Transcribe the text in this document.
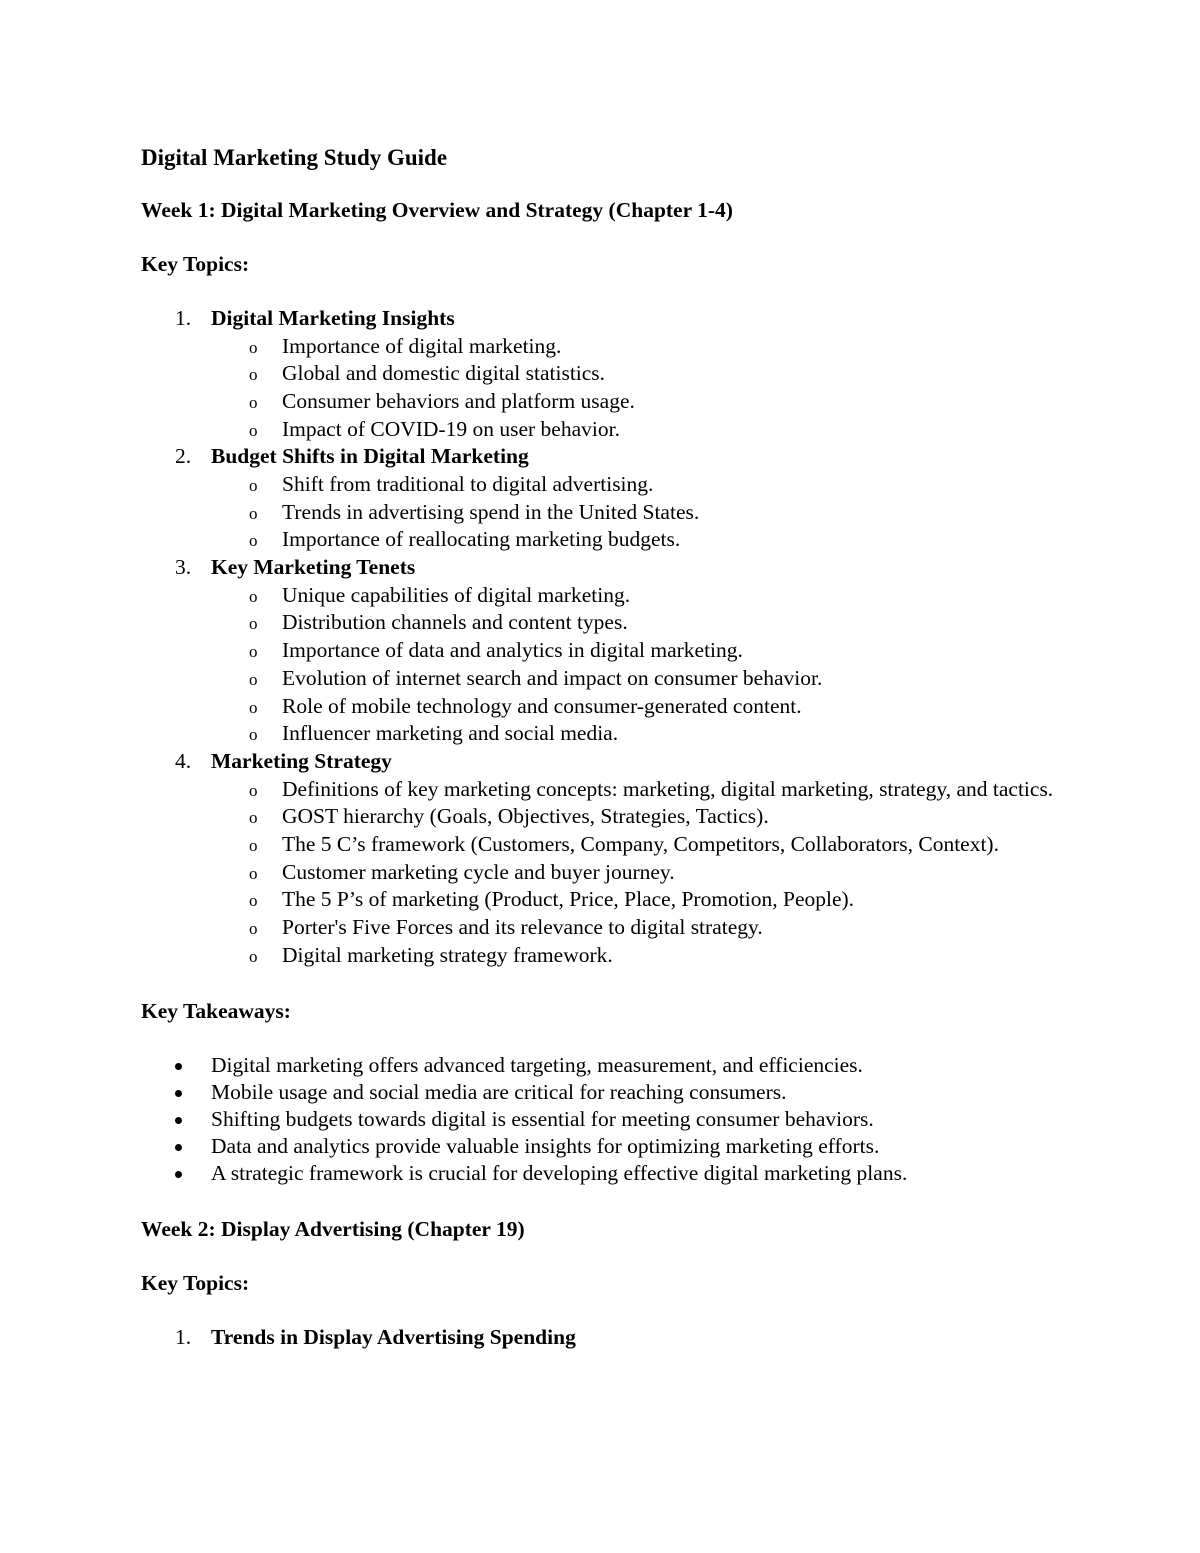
Digital Marketing Study Guide
Week 1: Digital Marketing Overview and Strategy (Chapter 1-4)
Key Topics:
1. Digital Marketing Insights
o Importance of digital marketing.
o Global and domestic digital statistics.
o Consumer behaviors and platform usage.
o Impact of COVID-19 on user behavior.
2. Budget Shifts in Digital Marketing
o Shift from traditional to digital advertising.
o Trends in advertising spend in the United States.
o Importance of reallocating marketing budgets.
3. Key Marketing Tenets
o Unique capabilities of digital marketing.
o Distribution channels and content types.
o Importance of data and analytics in digital marketing.
o Evolution of internet search and impact on consumer behavior.
o Role of mobile technology and consumer-generated content.
o Influencer marketing and social media.
4. Marketing Strategy
o Definitions of key marketing concepts: marketing, digital marketing, strategy, and tactics.
o GOST hierarchy (Goals, Objectives, Strategies, Tactics).
o The 5 C’s framework (Customers, Company, Competitors, Collaborators, Context).
o Customer marketing cycle and buyer journey.
o The 5 P’s of marketing (Product, Price, Place, Promotion, People).
o Porter's Five Forces and its relevance to digital strategy.
o Digital marketing strategy framework.
Key Takeaways:
Digital marketing offers advanced targeting, measurement, and efficiencies.
Mobile usage and social media are critical for reaching consumers.
Shifting budgets towards digital is essential for meeting consumer behaviors.
Data and analytics provide valuable insights for optimizing marketing efforts.
A strategic framework is crucial for developing effective digital marketing plans.
Week 2: Display Advertising (Chapter 19)
Key Topics:
1. Trends in Display Advertising Spending
